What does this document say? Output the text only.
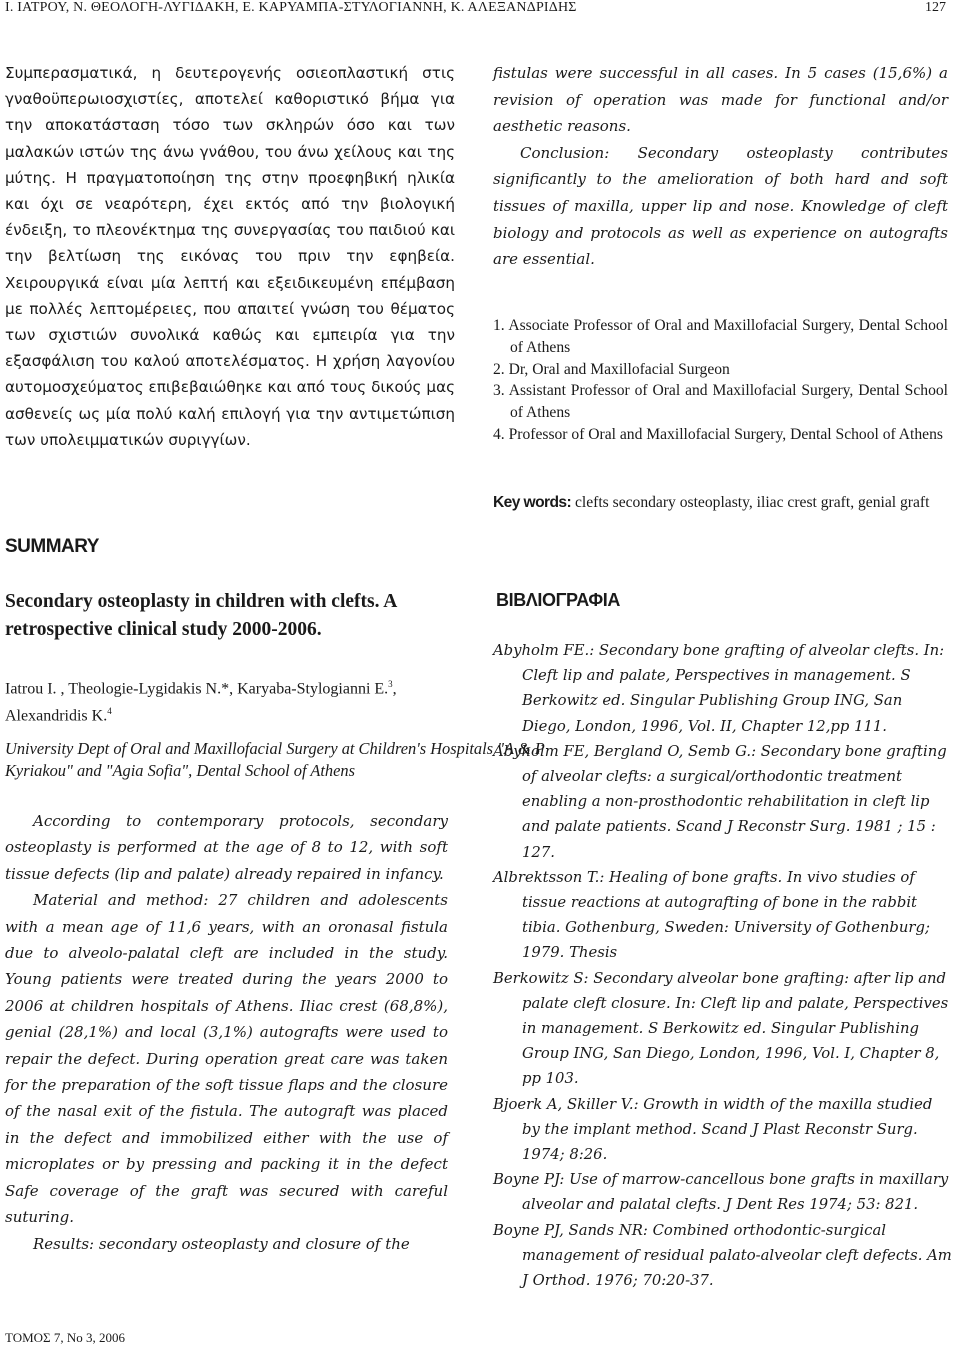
Ι. ΙΑΤΡΟΥ, Ν. ΘΕΟΛΟΓΗ-ΛΥΓΙΔΑΚΗ, Ε. ΚΑΡΥΑΜΠΑ-ΣΤΥΛΟΓΙΑΝΝΗ, Κ. ΑΛΕΞΑΝΔΡΙΔΗΣ	127

Συμπερασματικά, η δευτερογενής οσιεοπλαστική στις γναθοϋπερωιοσχιστίες, αποτελεί καθοριστικό βήμα για την αποκατάσταση τόσο των σκληρών όσο και των μαλακών ιστών της άνω γνάθου, του άνω χείλους και της μύτης. Η πραγματοποίηση της στην προεφηβική ηλικία και όχι σε νεαρότερη, έχει εκτός από την βιολογική ένδειξη, το πλεονέκτημα της συνεργασίας του παιδιού και την βελτίωση της εικόνας του πριν την εφηβεία. Χειρουργικά είναι μία λεπτή και εξειδικευμένη επέμβαση με πολλές λεπτομέρειες, που απαιτεί γνώση του θέματος των σχιστιών συνολικά καθώς και εμπειρία για την εξασφάλιση του καλού αποτελέσματος. Η χρήση λαγονίου αυτομοσχεύματος επιβεβαιώθηκε και από τους δικούς μας ασθενείς ως μία πολύ καλή επιλογή για την αντιμετώπιση των υπολειμματικών συριγγίων.

SUMMARY
Secondary osteoplasty in children with clefts. A retrospective clinical study 2000-2006.
Iatrou I. , Theologie-Lygidakis N.*, Karyaba-Stylogianni E.$^3$,
Alexandridis K.$^4$
University Dept of Oral and Maxillofacial Surgery at Children's Hospitals "A & P Kyriakou" and "Agia Sofia", Dental School of Athens

According to contemporary protocols, secondary osteoplasty is performed at the age of 8 to 12, with soft tissue defects (lip and palate) already repaired in infancy.

Material and method: 27 children and adolescents with a mean age of 11,6 years, with an oronasal fistula due to alveolo-palatal cleft are included in the study. Young patients were treated during the years 2000 to 2006 at children hospitals of Athens. Iliac crest (68,8%), genial (28,1%) and local (3,1%) autografts were used to repair the defect. During operation great care was taken for the preparation of the soft tissue flaps and the closure of the nasal exit of the fistula. The autograft was placed in the defect and immobilized either with the use of microplates or by pressing and packing it in the defect Safe coverage of the graft was secured with careful suturing.

Results: secondary osteoplasty and closure of the

fistulas were successful in all cases. In 5 cases (15,6%) a revision of operation was made for functional and/or aesthetic reasons.

Conclusion: Secondary osteoplasty contributes significantly to the amelioration of both hard and soft tissues of maxilla, upper lip and nose. Knowledge of cleft biology and protocols as well as experience on autografts are essential.

1. Associate Professor of Oral and Maxillofacial Surgery, Dental School of Athens
2. Dr, Oral and Maxillofacial Surgeon
3. Assistant Professor of Oral and Maxillofacial Surgery, Dental School of Athens
4. Professor of Oral and Maxillofacial Surgery, Dental School of Athens
Key words: clefts secondary osteoplasty, iliac crest graft, genial graft
ΒΙΒΛΙΟΓΡΑΦΙΑ

Abyholm FE.: Secondary bone grafting of alveolar clefts. In: Cleft lip and palate, Perspectives in management. S Berkowitz ed. Singular Publishing Group ING, San Diego, London, 1996, Vol. II, Chapter 12,pp 111.

Abyholm FE, Bergland O, Semb G.: Secondary bone grafting of alveolar clefts: a surgical/orthodontic treatment enabling a non-prosthodontic rehabilitation in cleft lip and palate patients. Scand J Reconstr Surg. 1981 ; 15 : 127.

Albrektsson T.: Healing of bone grafts. In vivo studies of tissue reactions at autografting of bone in the rabbit tibia. Gothenburg, Sweden: University of Gothenburg; 1979. Thesis

Berkowitz S: Secondary alveolar bone grafting: after lip and palate cleft closure. In: Cleft lip and palate, Perspectives in management. S Berkowitz ed. Singular Publishing Group ING, San Diego, London, 1996, Vol. I, Chapter 8, pp 103.

Bjoerk A, Skiller V.: Growth in width of the maxilla studied by the implant method. Scand J Plast Reconstr Surg. 1974; 8:26.

Boyne PJ: Use of marrow-cancellous bone grafts in maxillary alveolar and palatal clefts. J Dent Res 1974; 53: 821.

Boyne PJ, Sands NR: Combined orthodontic-surgical management of residual palato-alveolar cleft defects. Am J Orthod. 1976; 70:20-37.

ΤΟΜΟΣ 7, Νο 3, 2006
